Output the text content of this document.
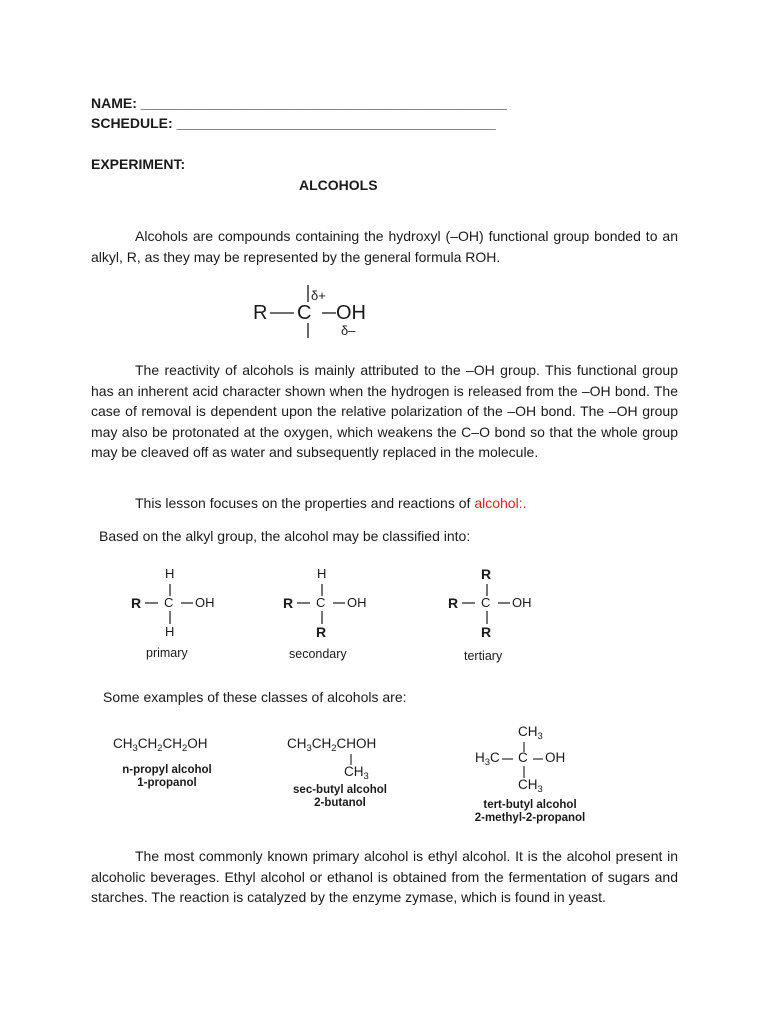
NAME: _______________________________________________
SCHEDULE: _________________________________________
EXPERIMENT:
ALCOHOLS

Alcohols are compounds containing the hydroxyl (–OH) functional group bonded to an alkyl, R, as they may be represented by the general formula ROH.

R C OH
δ+
δ–

The reactivity of alcohols is mainly attributed to the –OH group. This functional group has an inherent acid character shown when the hydrogen is released from the –OH bond. The case of removal is dependent upon the relative polarization of the –OH bond. The –OH group may also be protonated at the oxygen, which weakens the C–O bond so that the whole group may be cleaved off as water and subsequently replaced in the molecule.

This lesson focuses on the properties and reactions of alcohol:.
Based on the alkyl group, the alcohol may be classified into:
H
R C OH
H
primary
H
R C OH
R
secondary
R
R C OH
R
tertiary
Some examples of these classes of alcohols are:
$CH_3CH_2CH_2OH$
n-propyl alcohol
1-propanol
$CH_3CH_2CHOH$
$CH_3$
sec-butyl alcohol
2-butanol
$CH_3$
$H_3C$ C OH
$CH_3$
tert-butyl alcohol
2-methyl-2-propanol

The most commonly known primary alcohol is ethyl alcohol. It is the alcohol present in alcoholic beverages. Ethyl alcohol or ethanol is obtained from the fermentation of sugars and starches. The reaction is catalyzed by the enzyme zymase, which is found in yeast.
